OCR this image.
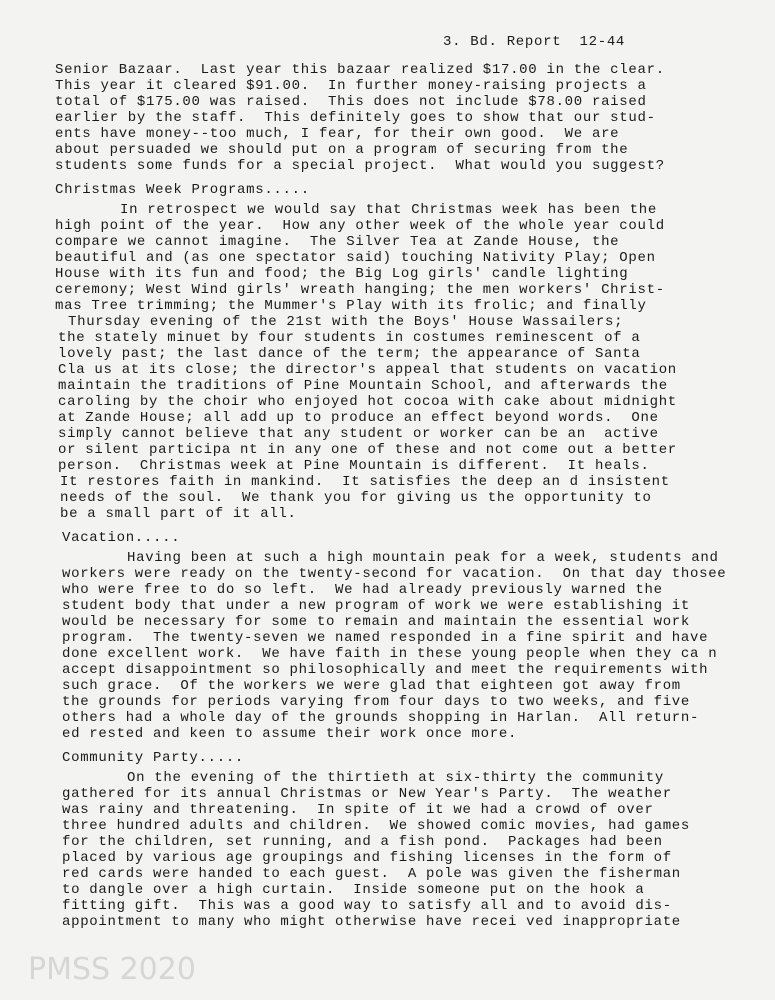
3. Bd. Report  12-44
PMSS 2020
Senior Bazaar.  Last year this bazaar realized $17.00 in the clear.
This year it cleared $91.00.  In further money-raising projects a
total of $175.00 was raised.  This does not include $78.00 raised
earlier by the staff.  This definitely goes to show that our stud-
ents have money--too much, I fear, for their own good.  We are
about persuaded we should put on a program of securing from the
students some funds for a special project.  What would you suggest?
Christmas Week Programs.....
In retrospect we would say that Christmas week has been the
high point of the year.  How any other week of the whole year could
compare we cannot imagine.  The Silver Tea at Zande House, the
beautiful and (as one spectator said) touching Nativity Play; Open
House with its fun and food; the Big Log girls' candle lighting
ceremony; West Wind girls' wreath hanging; the men workers' Christ-
mas Tree trimming; the Mummer's Play with its frolic; and finally
Thursday evening of the 21st with the Boys' House Wassailers;
the stately minuet by four students in costumes reminescent of a
lovely past; the last dance of the term; the appearance of Santa
Cla us at its close; the director's appeal that students on vacation
maintain the traditions of Pine Mountain School, and afterwards the
caroling by the choir who enjoyed hot cocoa with cake about midnight
at Zande House; all add up to produce an effect beyond words.  One
simply cannot believe that any student or worker can be an  active
or silent participa nt in any one of these and not come out a better
person.  Christmas week at Pine Mountain is different.  It heals.
It restores faith in mankind.  It satisfies the deep an d insistent
needs of the soul.  We thank you for giving us the opportunity to
be a small part of it all.
Vacation.....
Having been at such a high mountain peak for a week, students and
workers were ready on the twenty-second for vacation.  On that day thosee
who were free to do so left.  We had already previously warned the
student body that under a new program of work we were establishing it
would be necessary for some to remain and maintain the essential work
program.  The twenty-seven we named responded in a fine spirit and have
done excellent work.  We have faith in these young people when they ca n
accept disappointment so philosophically and meet the requirements with
such grace.  Of the workers we were glad that eighteen got away from
the grounds for periods varying from four days to two weeks, and five
others had a whole day of the grounds shopping in Harlan.  All return-
ed rested and keen to assume their work once more.
Community Party.....
On the evening of the thirtieth at six-thirty the community
gathered for its annual Christmas or New Year's Party.  The weather
was rainy and threatening.  In spite of it we had a crowd of over
three hundred adults and children.  We showed comic movies, had games
for the children, set running, and a fish pond.  Packages had been
placed by various age groupings and fishing licenses in the form of
red cards were handed to each guest.  A pole was given the fisherman
to dangle over a high curtain.  Inside someone put on the hook a
fitting gift.  This was a good way to satisfy all and to avoid dis-
appointment to many who might otherwise have recei ved inappropriate
